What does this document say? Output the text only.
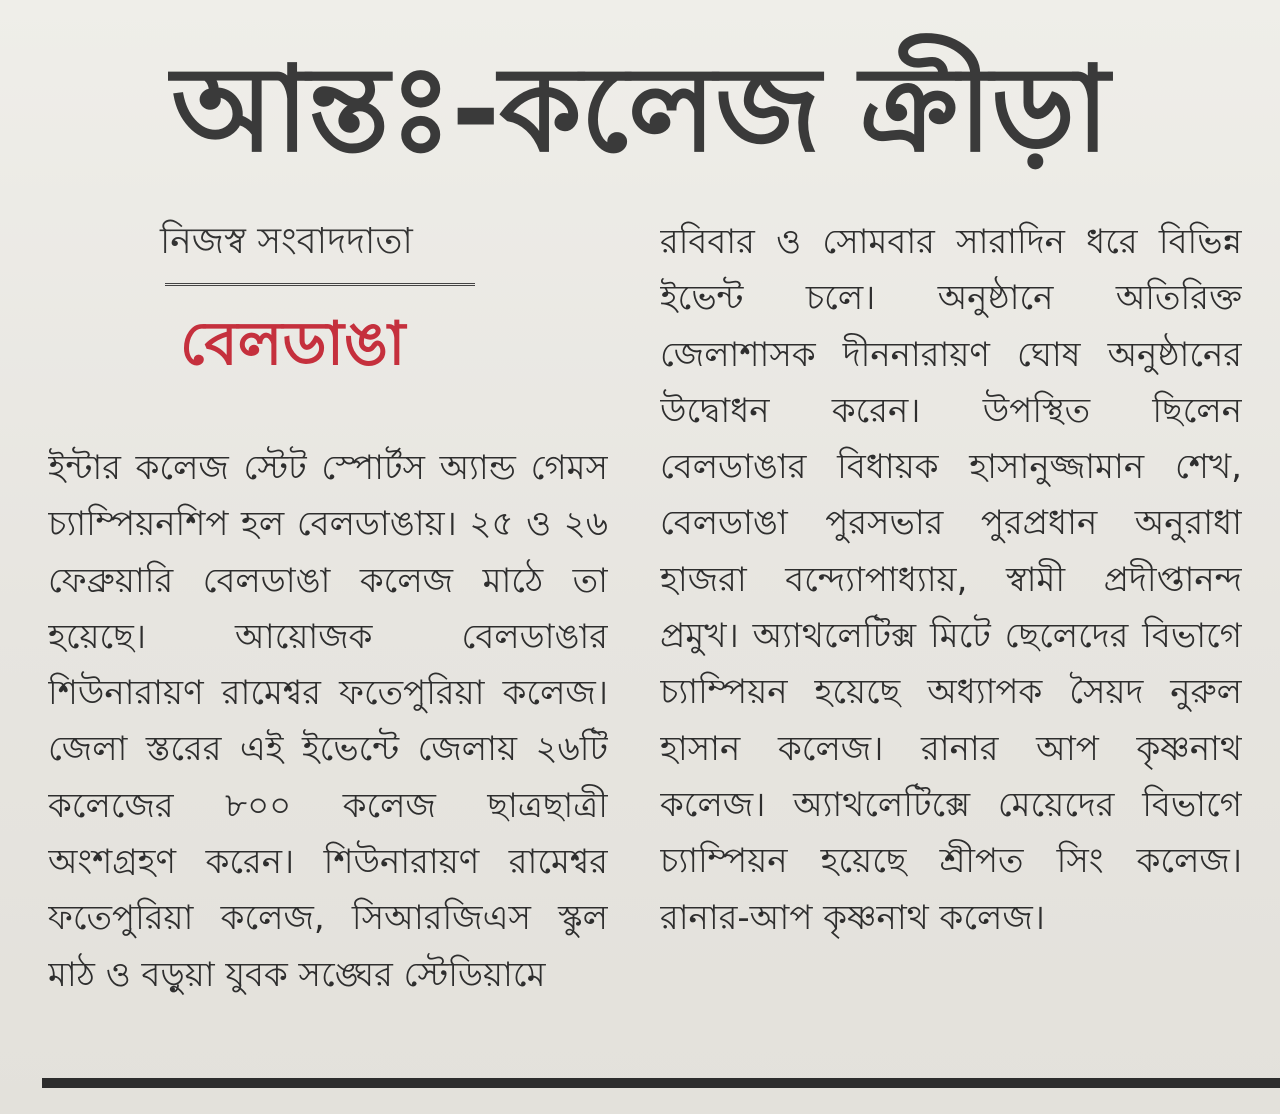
আন্তঃ-কলেজ ক্রীড়া
নিজস্ব সংবাদদাতা
বেলডাঙা
ইন্টার কলেজ স্টেট স্পোর্টস অ্যান্ড গেমস চ্যাম্পিয়নশিপ হল বেলডাঙায়। ২৫ ও ২৬ ফেব্রুয়ারি বেলডাঙা কলেজ মাঠে তা হয়েছে। আয়োজক বেলডাঙার শিউনারায়ণ রামেশ্বর ফতেপুরিয়া কলেজ। জেলা স্তরের এই ইভেন্টে জেলায় ২৬টি কলেজের ৮০০ কলেজ ছাত্রছাত্রী অংশগ্রহণ করেন। শিউনারায়ণ রামেশ্বর ফতেপুরিয়া কলেজ, সিআরজিএস স্কুল মাঠ ও বড়ুয়া যুবক সঙ্ঘের স্টেডিয়ামে
রবিবার ও সোমবার সারাদিন ধরে বিভিন্ন ইভেন্ট চলে। অনুষ্ঠানে অতিরিক্ত জেলাশাসক দীননারায়ণ ঘোষ অনুষ্ঠানের উদ্বোধন করেন। উপস্থিত ছিলেন বেলডাঙার বিধায়ক হাসানুজ্জামান শেখ, বেলডাঙা পুরসভার পুরপ্রধান অনুরাধা হাজরা বন্দ্যোপাধ্যায়, স্বামী প্রদীপ্তানন্দ প্রমুখ। অ্যাথলেটিক্স মিটে ছেলেদের বিভাগে চ্যাম্পিয়ন হয়েছে অধ্যাপক সৈয়দ নুরুল হাসান কলেজ। রানার আপ কৃষ্ণনাথ কলেজ। অ্যাথলেটিক্সে মেয়েদের বিভাগে চ্যাম্পিয়ন হয়েছে শ্রীপত সিং কলেজ। রানার-আপ কৃষ্ণনাথ কলেজ।
